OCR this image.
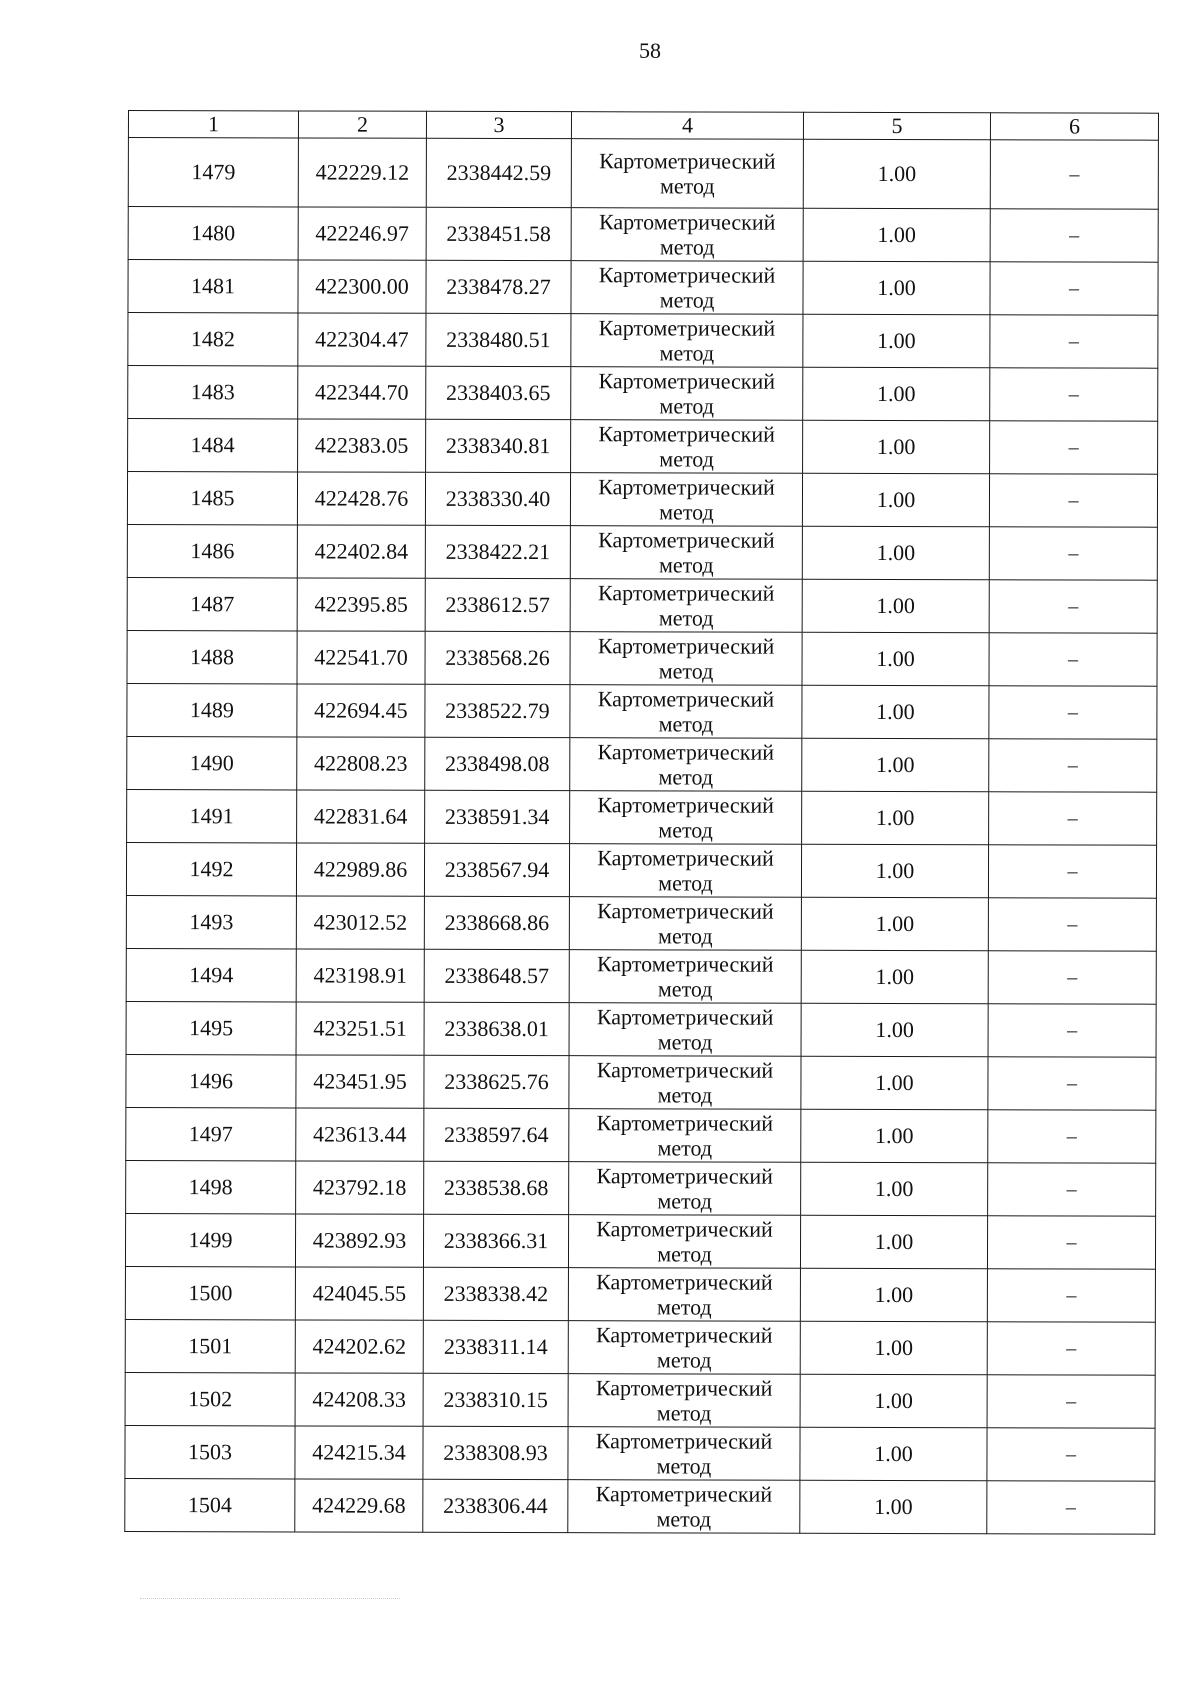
58
1	2	3	4	5	6
1479	422229.12	2338442.59	Картометрический метод	1.00	–
1480	422246.97	2338451.58	Картометрический метод	1.00	–
1481	422300.00	2338478.27	Картометрический метод	1.00	–
1482	422304.47	2338480.51	Картометрический метод	1.00	–
1483	422344.70	2338403.65	Картометрический метод	1.00	–
1484	422383.05	2338340.81	Картометрический метод	1.00	–
1485	422428.76	2338330.40	Картометрический метод	1.00	–
1486	422402.84	2338422.21	Картометрический метод	1.00	–
1487	422395.85	2338612.57	Картометрический метод	1.00	–
1488	422541.70	2338568.26	Картометрический метод	1.00	–
1489	422694.45	2338522.79	Картометрический метод	1.00	–
1490	422808.23	2338498.08	Картометрический метод	1.00	–
1491	422831.64	2338591.34	Картометрический метод	1.00	–
1492	422989.86	2338567.94	Картометрический метод	1.00	–
1493	423012.52	2338668.86	Картометрический метод	1.00	–
1494	423198.91	2338648.57	Картометрический метод	1.00	–
1495	423251.51	2338638.01	Картометрический метод	1.00	–
1496	423451.95	2338625.76	Картометрический метод	1.00	–
1497	423613.44	2338597.64	Картометрический метод	1.00	–
1498	423792.18	2338538.68	Картометрический метод	1.00	–
1499	423892.93	2338366.31	Картометрический метод	1.00	–
1500	424045.55	2338338.42	Картометрический метод	1.00	–
1501	424202.62	2338311.14	Картометрический метод	1.00	–
1502	424208.33	2338310.15	Картометрический метод	1.00	–
1503	424215.34	2338308.93	Картометрический метод	1.00	–
1504	424229.68	2338306.44	Картометрический метод	1.00	–
